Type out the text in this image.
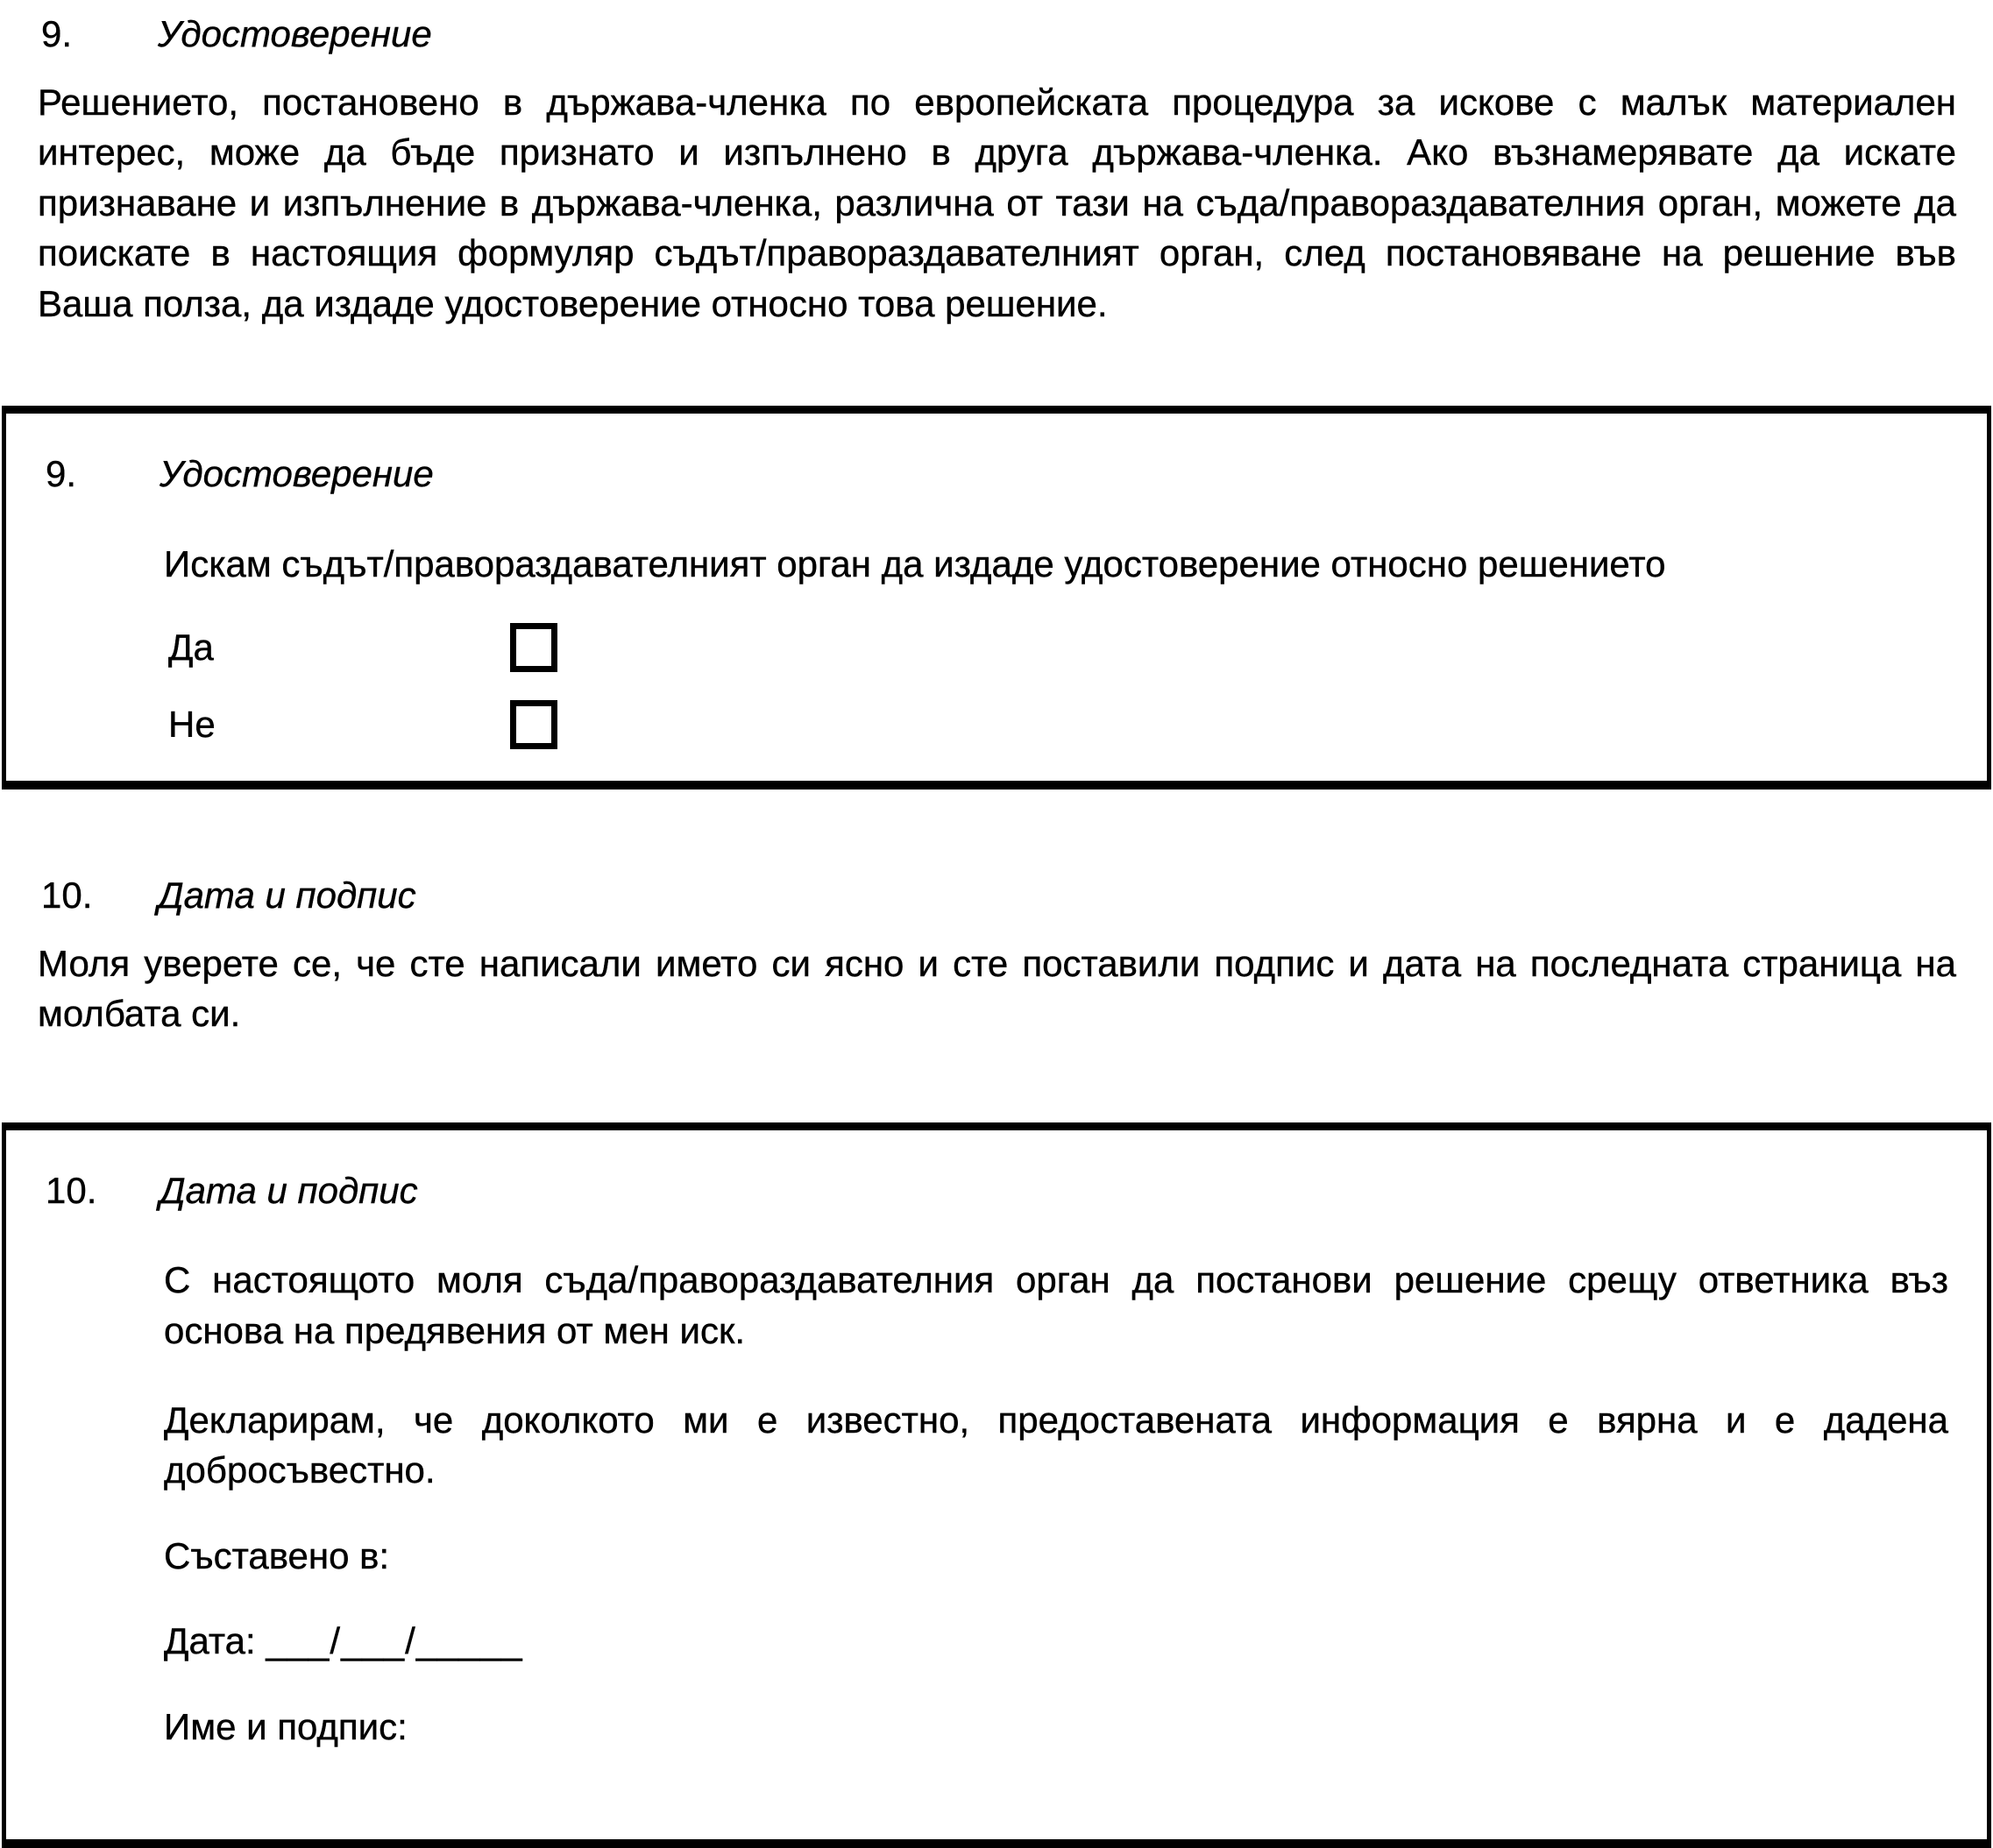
9.	Удостоверение

Решението, постановено в държава-членка по европейската процедура за искове с малък материален интерес, може да бъде признато и изпълнено в друга държава-членка. Ако възнамерявате да искате признаване и изпълнение в държава-членка, различна от тази на съда/правораздавателния орган, можете да поискате в настоящия формуляр съдът/правораздавателният орган, след постановяване на решение във Ваша полза, да издаде удостоверение относно това решение.

9.	Удостоверение

Искам съдът/правораздавателният орган да издаде удостоверение относно решението

Да
Не
10.	Дата и подпис

Моля уверете се, че сте написали името си ясно и сте поставили подпис и дата на последната страница на молбата си.

10.	Дата и подпис

С настоящото моля съда/правораздавателния орган да постанови решение срещу ответника въз основа на предявения от мен иск.

Декларирам, че доколкото ми е известно, предоставената информация е вярна и е дадена добросъвестно.

Съставено в:
Дата: ___/___/_____
Име и подпис:
